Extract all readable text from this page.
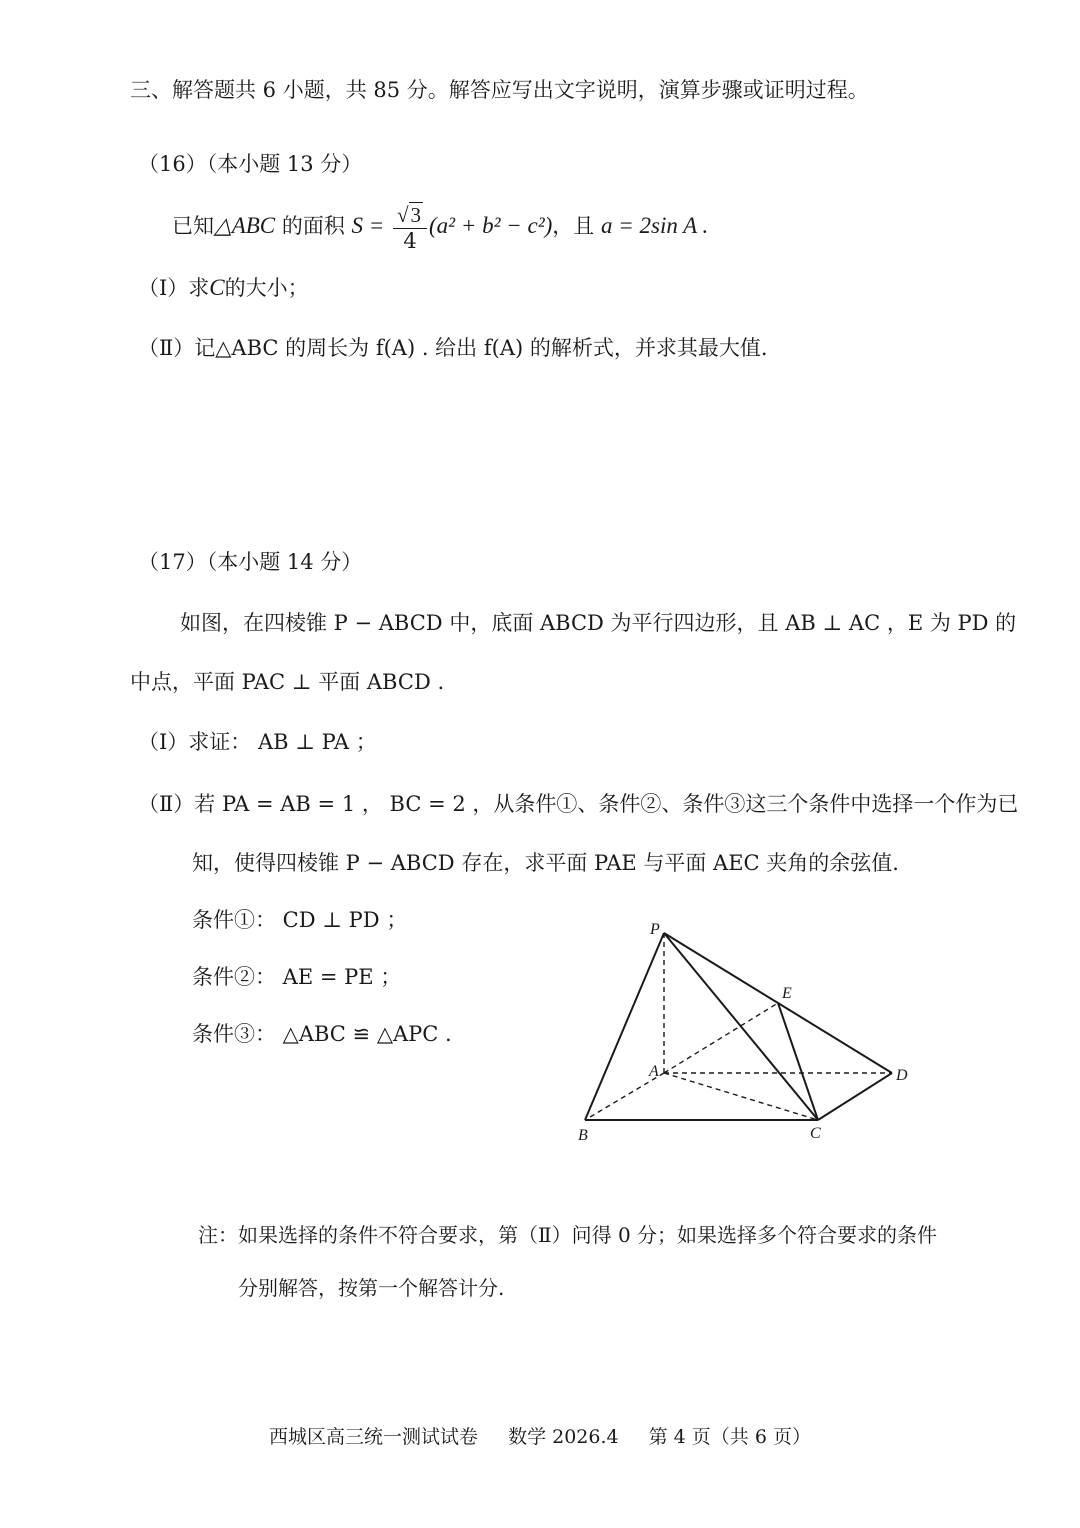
三、解答题共 6 小题，共 85 分。解答应写出文字说明，演算步骤或证明过程。
（16）（本小题 13 分）
已知△ABC 的面积 $S = \frac{√3}{4} (a^2 + b^2 - c^2)$，且 a = 2sin A .
（Ⅰ）求C的大小；
（Ⅱ）记△ABC 的周长为 f(A) . 给出 f(A) 的解析式，并求其最大值.
（17）（本小题 14 分）
如图，在四棱锥 P − ABCD 中，底面 ABCD 为平行四边形，且 AB ⊥ AC ，E 为 PD 的
中点，平面 PAC ⊥ 平面 ABCD .
（Ⅰ）求证： AB ⊥ PA ；
（Ⅱ）若 PA = AB = 1 ， BC = 2 ，从条件①、条件②、条件③这三个条件中选择一个作为已
知，使得四棱锥 P − ABCD 存在，求平面 PAE 与平面 AEC 夹角的余弦值.
条件①： CD ⊥ PD ；
条件②： AE = PE ；
条件③： △ABC ≌ △APC .
P
E
A	D
B	C
注：如果选择的条件不符合要求，第（Ⅱ）问得 0 分；如果选择多个符合要求的条件
分别解答，按第一个解答计分.
西城区高三统一测试试卷 数学 2026.4 第 4 页（共 6 页）
